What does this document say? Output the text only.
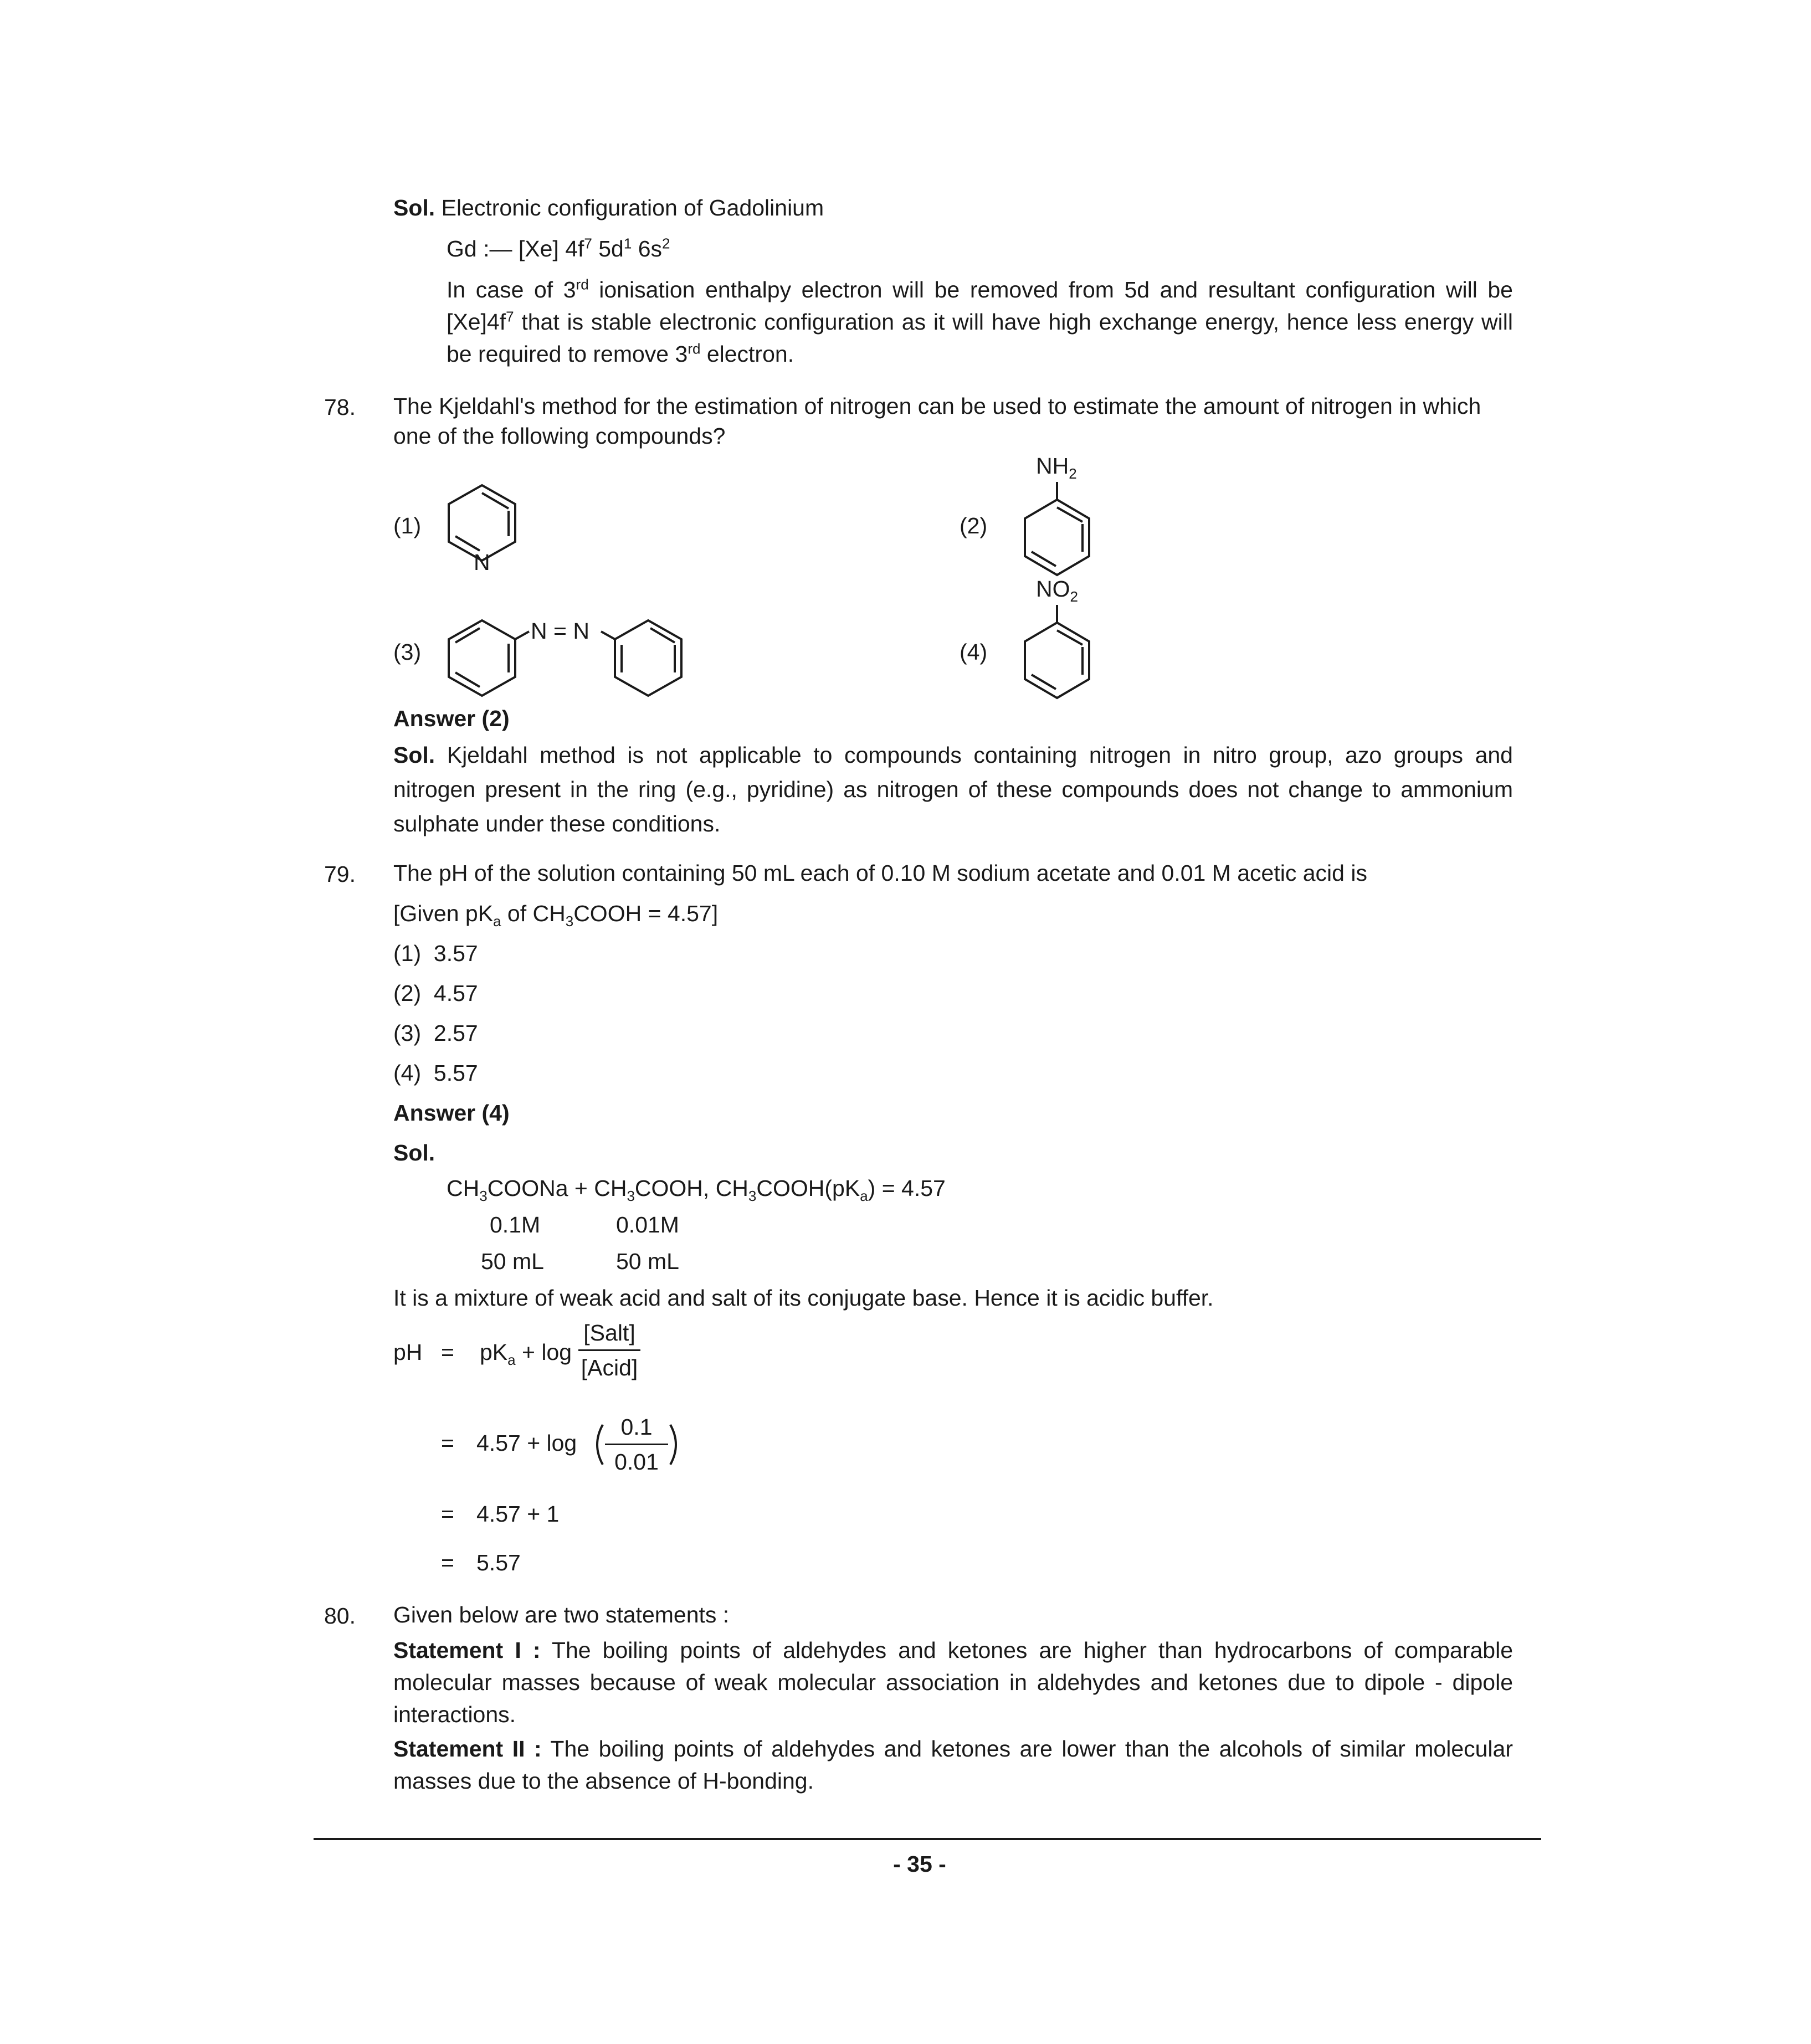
Sol. Electronic configuration of Gadolinium
Gd :— [Xe] $4f^7$ $5d^1$ $6s^2$
In case of 3rd ionisation enthalpy electron will be removed from 5d and resultant configuration will be $[Xe]4f^7$ that is stable electronic configuration as it will have high exchange energy, hence less energy will be required to remove 3rd electron.
78. The Kjeldahl's method for the estimation of nitrogen can be used to estimate the amount of nitrogen in which
one of the following compounds?
(1)	(2)
(3)	(4)
N
$NH_2$
N = N
$NO_2$
Answer (2)
Sol. Kjeldahl method is not applicable to compounds containing nitrogen in nitro group, azo groups and nitrogen present in the ring (e.g., pyridine) as nitrogen of these compounds does not change to ammonium sulphate under these conditions.
79. The pH of the solution containing 50 mL each of 0.10 M sodium acetate and 0.01 M acetic acid is
[Given $pK_a$ of $CH_3COOH = 4.57$]
(1) 3.57
(2) 4.57
(3) 2.57
(4) 5.57
Answer (4)
Sol.
$CH_3COONa$ + $CH_3COOH$, $CH_3COOH(pK_a) = 4.57$
0.1M	0.01M
50 mL	50 mL
It is a mixture of weak acid and salt of its conjugate base. Hence it is acidic buffer.
pH = $pK_a + \log$
[Salt]
[Acid]
= 4.57 + log
0.1
0.01
= 4.57 + 1
= 5.57
80. Given below are two statements :
Statement I : The boiling points of aldehydes and ketones are higher than hydrocarbons of comparable molecular masses because of weak molecular association in aldehydes and ketones due to dipole - dipole interactions.
Statement II : The boiling points of aldehydes and ketones are lower than the alcohols of similar molecular masses due to the absence of H-bonding.
- 35 -
